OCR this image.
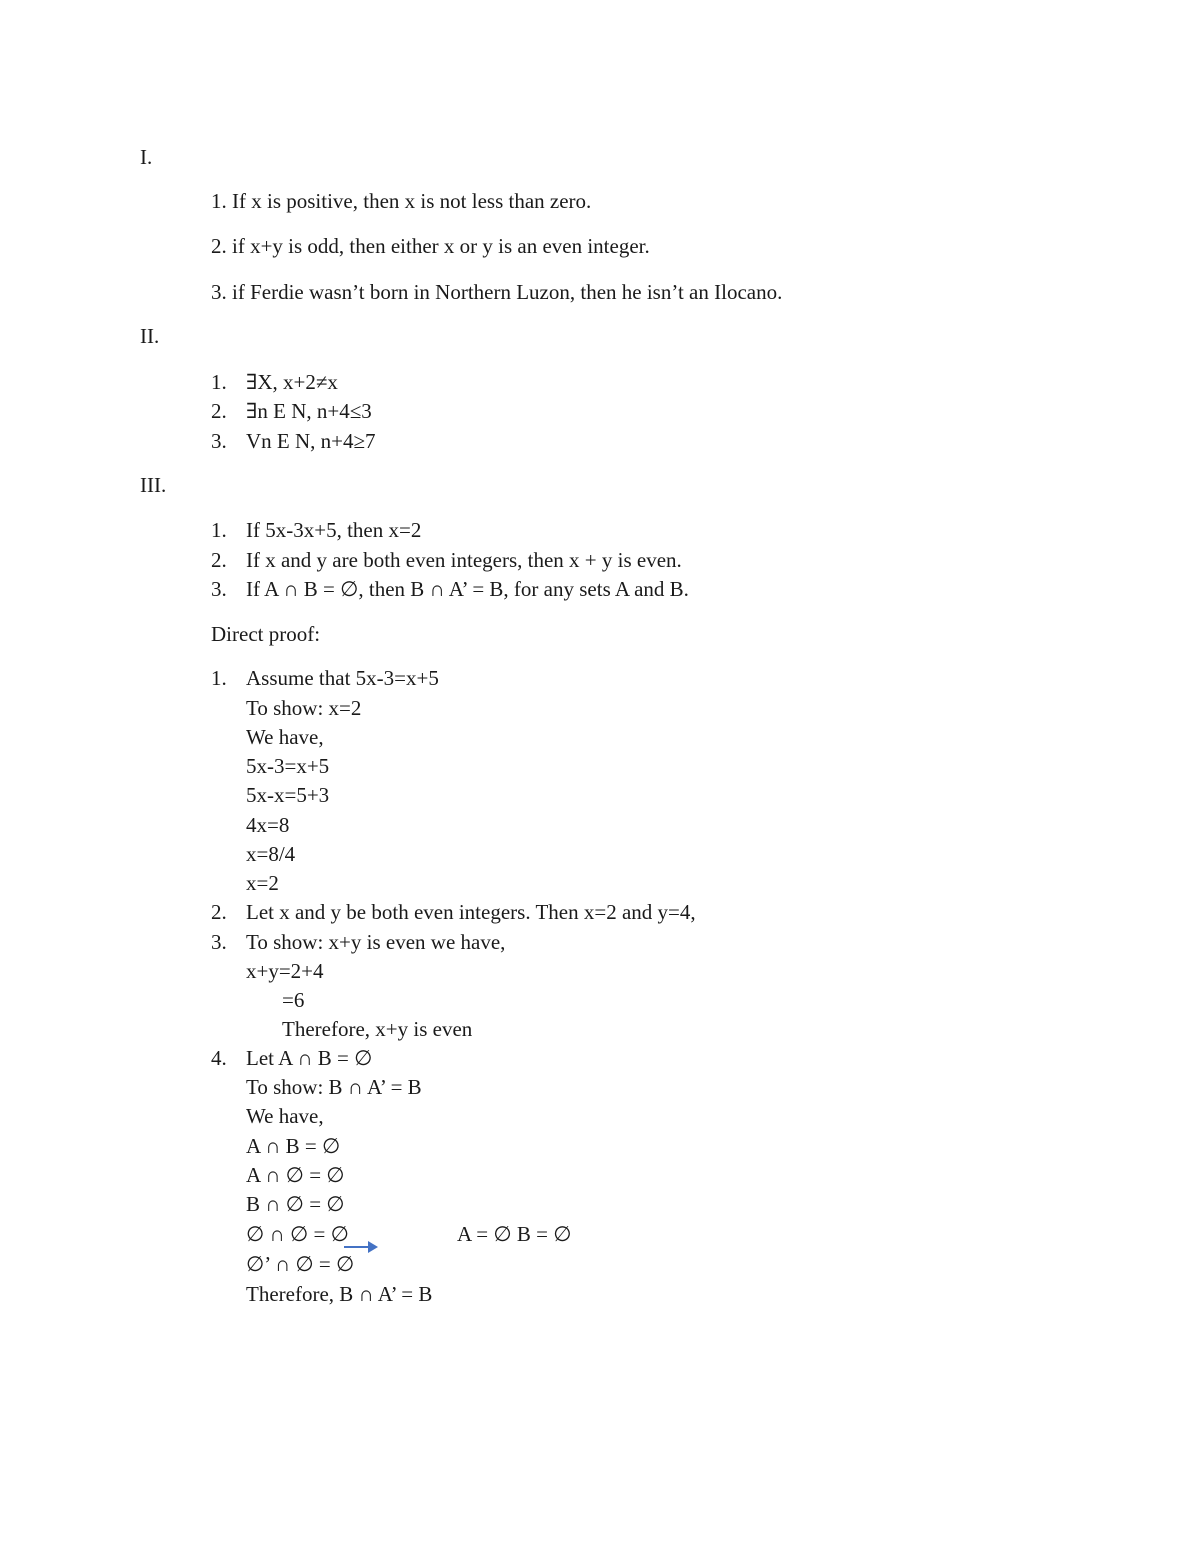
I.
1. If x is positive, then x is not less than zero.
2. if x+y is odd, then either x or y is an even integer.
3. if Ferdie wasn’t born in Northern Luzon, then he isn’t an Ilocano.
II.
1. ∃X, x+2≠x
2. ∃n E N, n+4≤3
3. Vn E N, n+4≥7
III.
1. If 5x-3x+5, then x=2
2. If x and y are both even integers, then x + y is even.
3. If A ∩ B = ∅, then B ∩ A’ = B, for any sets A and B.
Direct proof:
1. Assume that 5x-3=x+5
To show: x=2
We have,
5x-3=x+5
5x-x=5+3
4x=8
x=8/4
x=2
2. Let x and y be both even integers. Then x=2 and y=4,
3. To show: x+y is even we have,
x+y=2+4
=6
Therefore, x+y is even
4. Let A ∩ B = ∅
To show: B ∩ A’ = B
We have,
A ∩ B = ∅
A ∩ ∅ = ∅
B ∩ ∅ = ∅
∅ ∩ ∅ = ∅	A = ∅ B = ∅
∅’ ∩ ∅ = ∅
Therefore, B ∩ A’ = B
